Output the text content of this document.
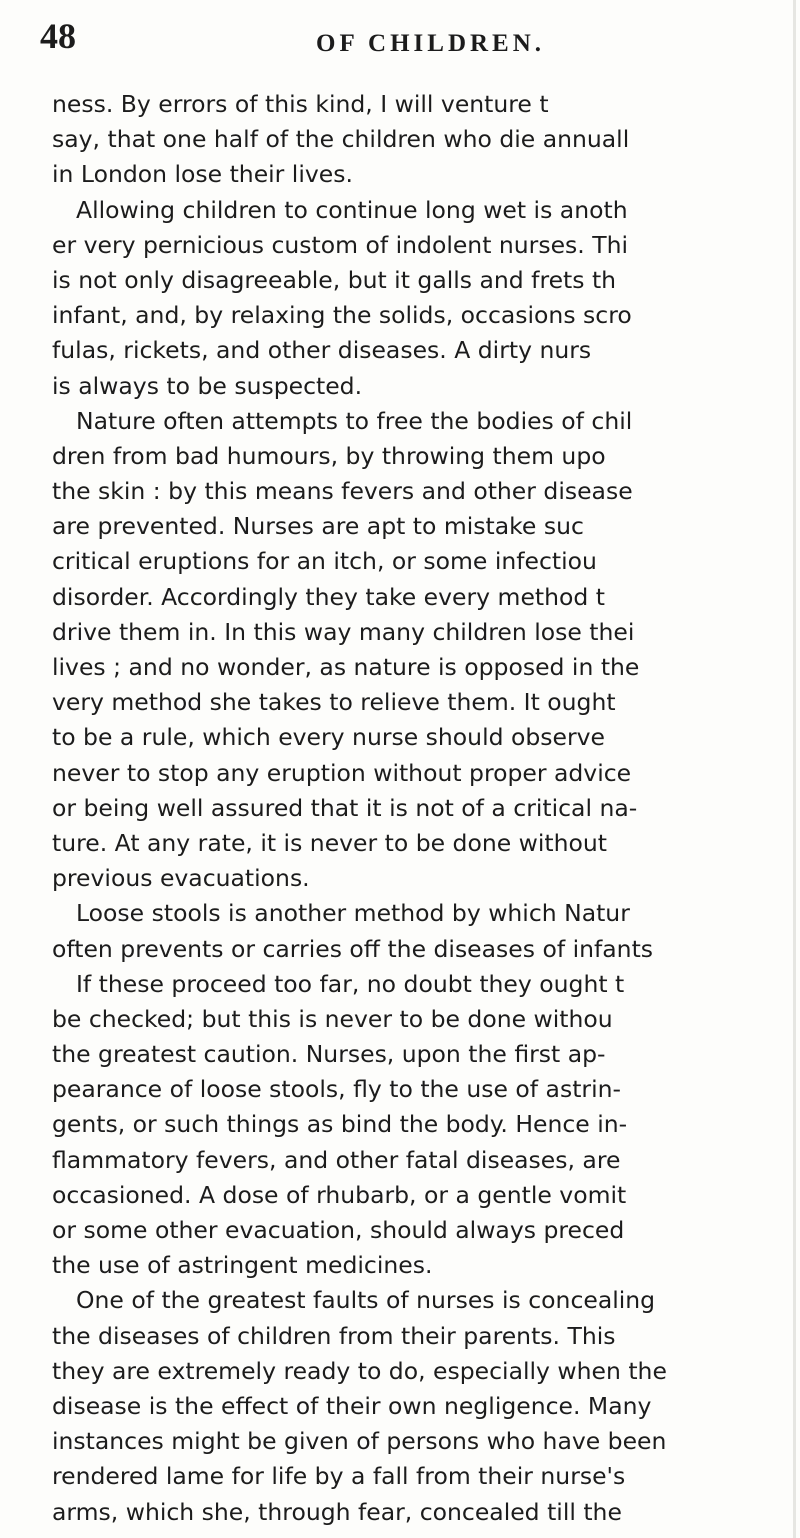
48	OF CHILDREN.
ness. By errors of this kind, I will venture t
say, that one half of the children who die annuall
in London lose their lives.
Allowing children to continue long wet is anoth
er very pernicious custom of indolent nurses. Thi
is not only disagreeable, but it galls and frets th
infant, and, by relaxing the solids, occasions scro
fulas, rickets, and other diseases. A dirty nurs
is always to be suspected.
Nature often attempts to free the bodies of chil
dren from bad humours, by throwing them upo
the skin : by this means fevers and other disease
are prevented. Nurses are apt to mistake suc
critical eruptions for an itch, or some infectiou
disorder. Accordingly they take every method t
drive them in. In this way many children lose thei
lives ; and no wonder, as nature is opposed in the
very method she takes to relieve them. It ought
to be a rule, which every nurse should observe
never to stop any eruption without proper advice
or being well assured that it is not of a critical na-
ture. At any rate, it is never to be done without
previous evacuations.
Loose stools is another method by which Natur
often prevents or carries off the diseases of infants
If these proceed too far, no doubt they ought t
be checked; but this is never to be done withou
the greatest caution. Nurses, upon the first ap-
pearance of loose stools, fly to the use of astrin-
gents, or such things as bind the body. Hence in-
flammatory fevers, and other fatal diseases, are
occasioned. A dose of rhubarb, or a gentle vomit
or some other evacuation, should always preced
the use of astringent medicines.
One of the greatest faults of nurses is concealing
the diseases of children from their parents. This
they are extremely ready to do, especially when the
disease is the effect of their own negligence. Many
instances might be given of persons who have been
rendered lame for life by a fall from their nurse's
arms, which she, through fear, concealed till the
